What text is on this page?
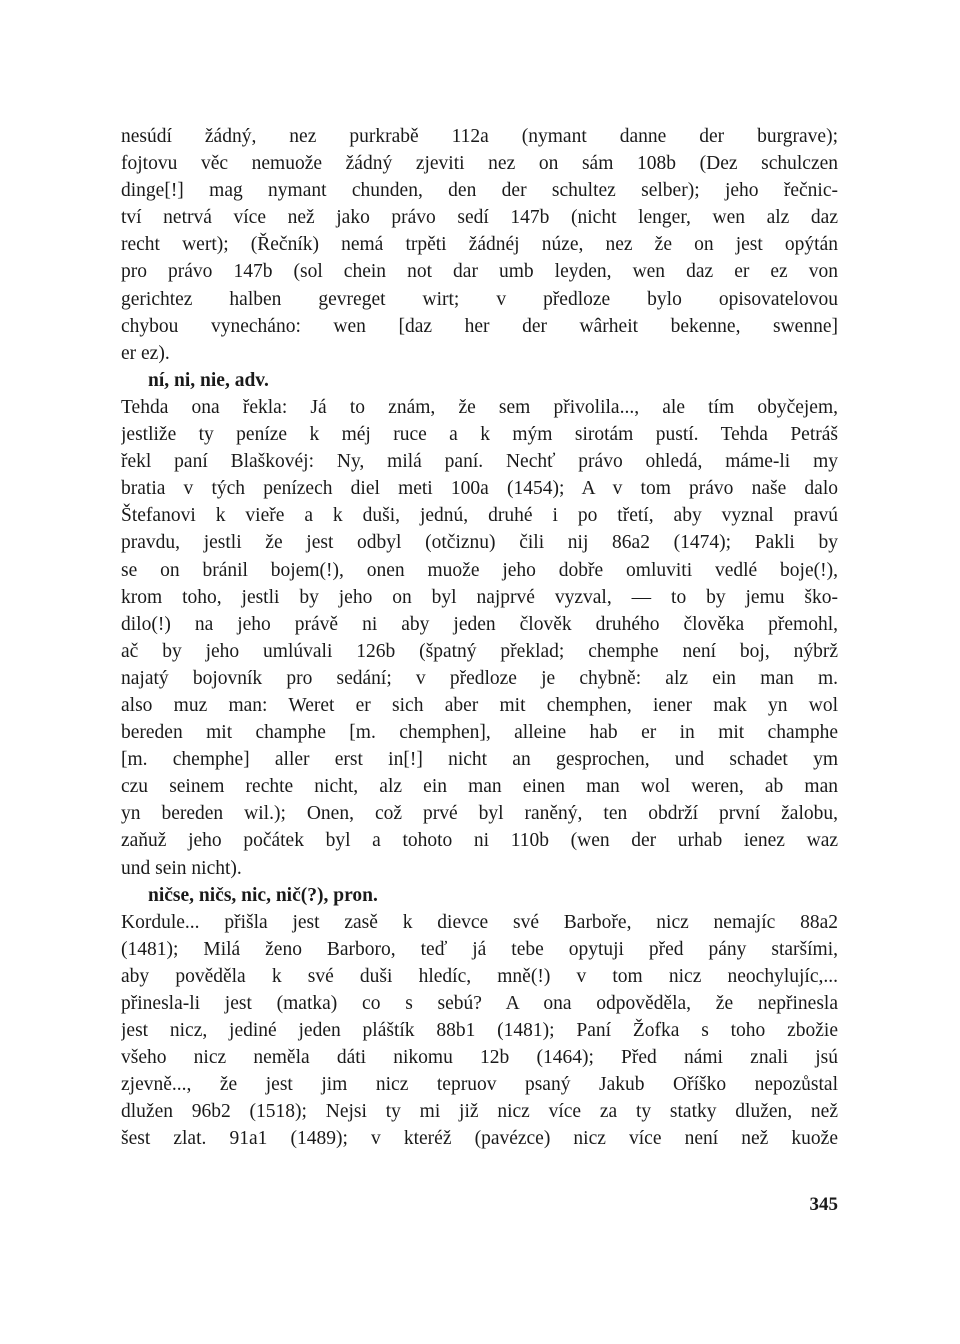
nesúdí žádný, nez purkrabě 112a (nymant danne der burgrave);
fojtovu věc nemuože žádný zjeviti nez on sám 108b (Dez schulczen
dinge[!] mag nymant chunden, den der schultez selber); jeho řečnic-
tví netrvá více než jako právo sedí 147b (nicht lenger, wen alz daz
recht wert); (Řečník) nemá trpěti žádnéj núze, nez že on jest opýtán
pro právo 147b (sol chein not dar umb leyden, wen daz er ez von
gerichtez halben gevreget wirt; v předloze bylo opisovatelovou
chybou vynecháno: wen [daz her der wârheit bekenne, swenne]
er ez).
ní, ni, nie, adv.
Tehda ona řekla: Já to znám, že sem přivolila..., ale tím obyčejem,
jestliže ty peníze k méj ruce a k mým sirotám pustí. Tehda Petráš
řekl paní Blaškovéj: Ny, milá paní. Nechť právo ohledá, máme-li my
bratia v tých penízech diel meti 100a (1454); A v tom právo naše dalo
Štefanovi k vieře a k duši, jednú, druhé i po třetí, aby vyznal pravú
pravdu, jestli že jest odbyl (otčiznu) čili nij 86a2 (1474); Pakli by
se on bránil bojem(!), onen muože jeho dobře omluviti vedlé boje(!),
krom toho, jestli by jeho on byl najprvé vyzval, — to by jemu ško-
dilo(!) na jeho právě ni aby jeden člověk druhého člověka přemohl,
ač by jeho umlúvali 126b (špatný překlad; chemphe není boj, nýbrž
najatý bojovník pro sedání; v předloze je chybně: alz ein man m.
also muz man: Weret er sich aber mit chemphen, iener mak yn wol
bereden mit champhe [m. chemphen], alleine hab er in mit champhe
[m. chemphe] aller erst in[!] nicht an gesprochen, und schadet ym
czu seinem rechte nicht, alz ein man einen man wol weren, ab man
yn bereden wil.); Onen, což prvé byl raněný, ten obdrží první žalobu,
zaňuž jeho počátek byl a tohoto ni 110b (wen der urhab ienez waz
und sein nicht).
ničse, ničs, nic, nič(?), pron.
Kordule... přišla jest zasě k dievce své Barboře, nicz nemajíc 88a2
(1481); Milá ženo Barboro, teď já tebe opytuji před pány staršími,
aby pověděla k své duši hledíc, mně(!) v tom nicz neochylujíc,...
přinesla-li jest (matka) co s sebú? A ona odpověděla, že nepřinesla
jest nicz, jediné jeden pláštík 88b1 (1481); Paní Žofka s toho zbožie
všeho nicz neměla dáti nikomu 12b (1464); Před námi znali jsú
zjevně..., že jest jim nicz tepruov psaný Jakub Oříško nepozůstal
dlužen 96b2 (1518); Nejsi ty mi již nicz více za ty statky dlužen, než
šest zlat. 91a1 (1489); v kteréž (pavézce) nicz více není než kuože
345
